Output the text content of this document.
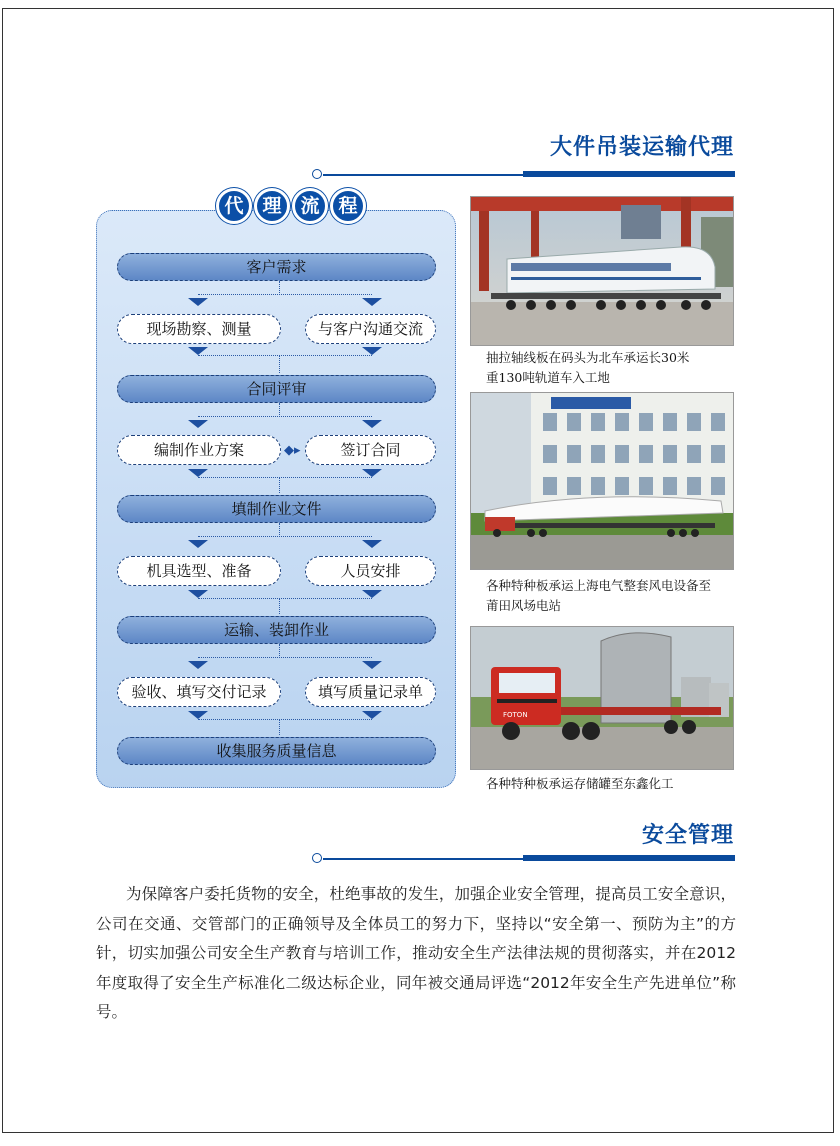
大件吊装运输代理
代 理 流 程
客户需求
现场勘察、测量	与客户沟通交流
合同评审
编制作业方案	◆▸	签订合同
填制作业文件
机具选型、准备	人员安排
运输、装卸作业
验收、填写交付记录	填写质量记录单
收集服务质量信息
抽拉轴线板在码头为北车承运长30米
重130吨轨道车入工地
各种特种板承运上海电气整套风电设备至
莆田风场电站
FOTON
各种特种板承运存储罐至东鑫化工
安全管理
为保障客户委托货物的安全，杜绝事故的发生，加强企业安全管理，提高员工安全意识，公司在交通、交管部门的正确领导及全体员工的努力下，坚持以“安全第一、预防为主”的方针，切实加强公司安全生产教育与培训工作，推动安全生产法律法规的贯彻落实，并在2012年度取得了安全生产标准化二级达标企业，同年被交通局评选“2012年安全生产先进单位”称号。
